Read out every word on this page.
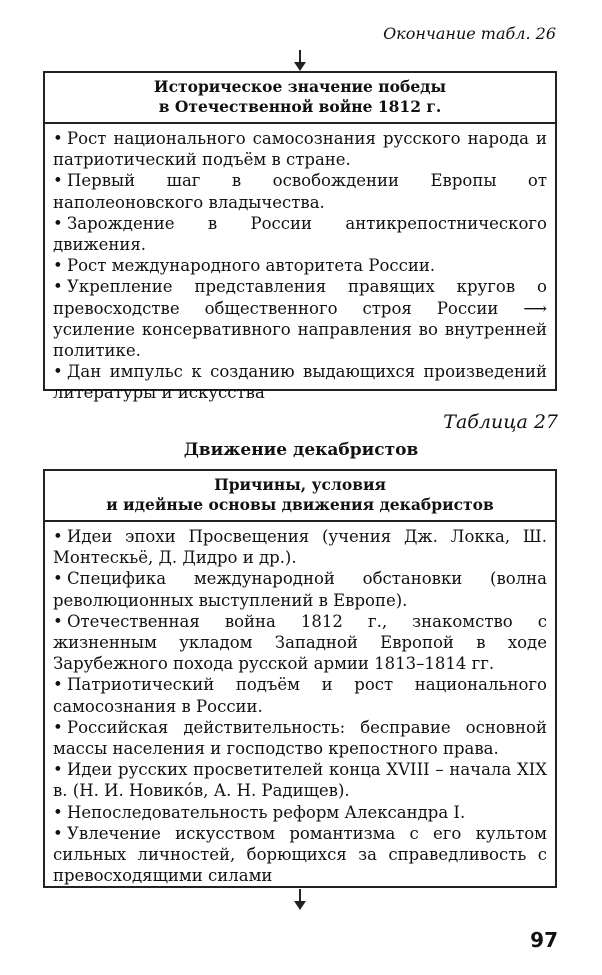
Окончание табл. 26
Историческое значение победы
в Отечественной войне 1812 г.

• Рост национального самосознания русского народа и патриотический подъём в стране.

• Первый шаг в освобождении Европы от наполеоновского владычества.

• Зарождение в России антикрепостнического движения.

• Рост международного авторитета России.

• Укрепление представления правящих кругов о превосходстве общественного строя России ⟶ усиление консервативного направления во внутренней политике.

• Дан импульс к созданию выдающихся произведений литературы и искусства

Таблица 27
Движение декабристов
Причины, условия
и идейные основы движения декабристов

• Идеи эпохи Просвещения (учения Дж. Локка, Ш. Монтескьё, Д. Дидро и др.).

• Специфика международной обстановки (волна революционных выступлений в Европе).

• Отечественная война 1812 г., знакомство с жизненным укладом Западной Европой в ходе Зарубежного похода русской армии 1813–1814 гг.

• Патриотический подъём и рост национального самосознания в России.

• Российская действительность: бесправие основной массы населения и господство крепостного права.

• Идеи русских просветителей конца XVIII – начала XIX в. (Н. И. Новикóв, А. Н. Радищев).

• Непоследовательность реформ Александра I.

• Увлечение искусством романтизма с его культом сильных личностей, борющихся за справедливость с превосходящими силами

97
